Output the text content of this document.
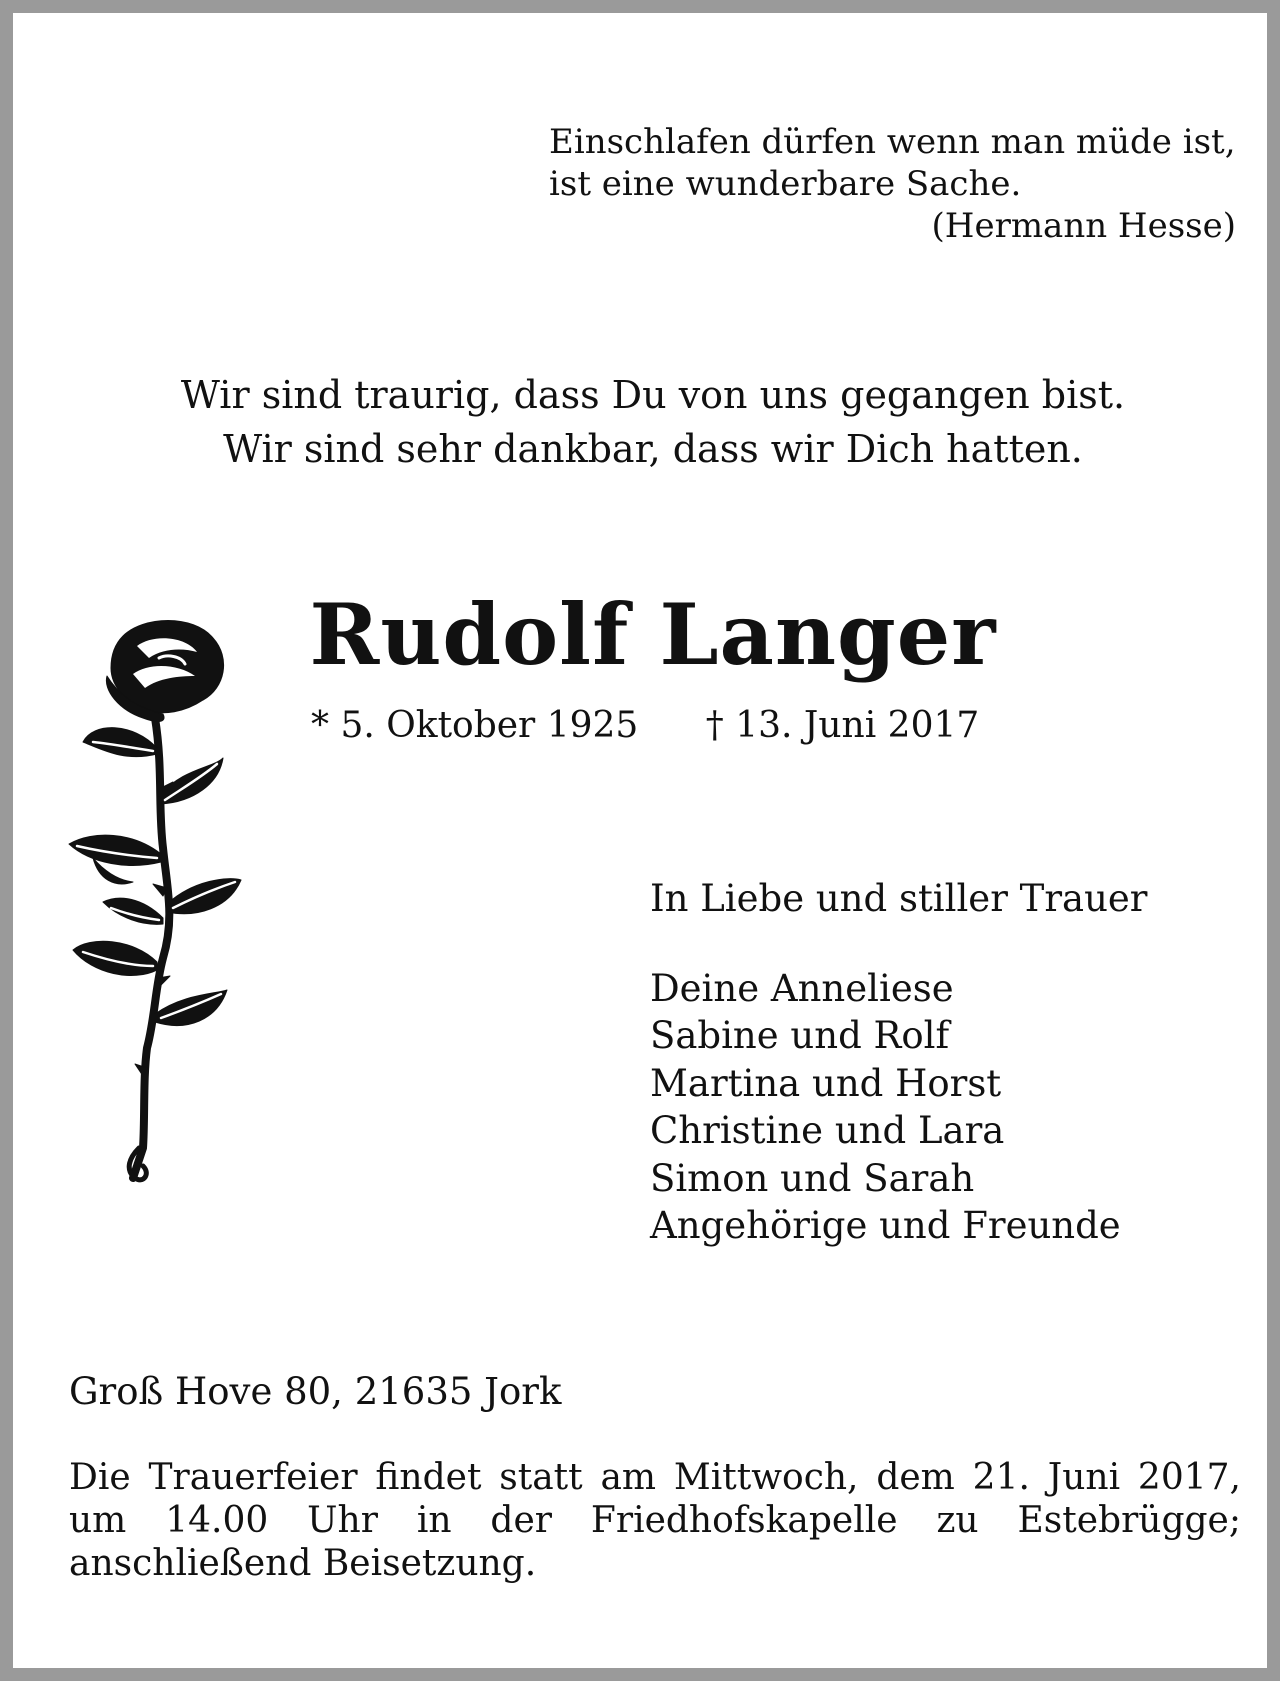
Einschlafen dürfen wenn man müde ist,
ist eine wunderbare Sache.
(Hermann Hesse)
Wir sind traurig, dass Du von uns gegangen bist.
Wir sind sehr dankbar, dass wir Dich hatten.
Rudolf Langer
* 5. Oktober 1925 † 13. Juni 2017
In Liebe und stiller Trauer
Deine Anneliese
Sabine und Rolf
Martina und Horst
Christine und Lara
Simon und Sarah
Angehörige und Freunde
Groß Hove 80, 21635 Jork
Die Trauerfeier findet statt am Mittwoch, dem 21. Juni 2017, um 14.00 Uhr in der Friedhofskapelle zu Estebrügge; anschließend Beisetzung.
